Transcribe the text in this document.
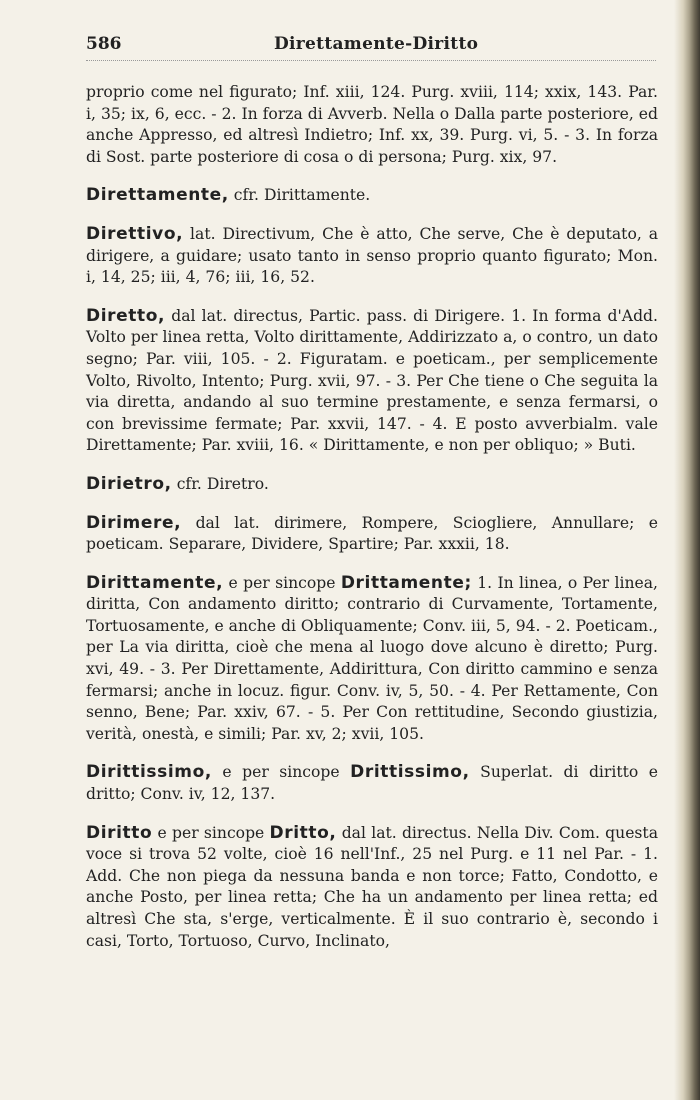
586	Direttamente-Diritto

proprio come nel figurato; Inf. xiii, 124. Purg. xviii, 114; xxix, 143. Par. i, 35; ix, 6, ecc. - 2. In forza di Avverb. Nella o Dalla parte posteriore, ed anche Appresso, ed altresì Indietro; Inf. xx, 39. Purg. vi, 5. - 3. In forza di Sost. parte posteriore di cosa o di persona; Purg. xix, 97.

Direttamente, cfr. Dirittamente.

Direttivo, lat. Directivum, Che è atto, Che serve, Che è deputato, a dirigere, a guidare; usato tanto in senso proprio quanto figurato; Mon. i, 14, 25; iii, 4, 76; iii, 16, 52.

Diretto, dal lat. directus, Partic. pass. di Dirigere. 1. In forma d'Add. Volto per linea retta, Volto dirittamente, Addirizzato a, o contro, un dato segno; Par. viii, 105. - 2. Figuratam. e poeticam., per semplicemente Volto, Rivolto, Intento; Purg. xvii, 97. - 3. Per Che tiene o Che seguita la via diretta, andando al suo termine prestamente, e senza fermarsi, o con brevissime fermate; Par. xxvii, 147. - 4. E posto avverbialm. vale Direttamente; Par. xviii, 16. « Dirittamente, e non per obliquo; » Buti.

Dirietro, cfr. Diretro.

Dirimere, dal lat. dirimere, Rompere, Sciogliere, Annullare; e poeticam. Separare, Dividere, Spartire; Par. xxxii, 18.

Dirittamente, e per sincope Drittamente; 1. In linea, o Per linea, diritta, Con andamento diritto; contrario di Curvamente, Tortamente, Tortuosamente, e anche di Obliquamente; Conv. iii, 5, 94. - 2. Poeticam., per La via diritta, cioè che mena al luogo dove alcuno è diretto; Purg. xvi, 49. - 3. Per Direttamente, Addirittura, Con diritto cammino e senza fermarsi; anche in locuz. figur. Conv. iv, 5, 50. - 4. Per Rettamente, Con senno, Bene; Par. xxiv, 67. - 5. Per Con rettitudine, Secondo giustizia, verità, onestà, e simili; Par. xv, 2; xvii, 105.

Dirittissimo, e per sincope Drittissimo, Superlat. di diritto e dritto; Conv. iv, 12, 137.

Diritto e per sincope Dritto, dal lat. directus. Nella Div. Com. questa voce si trova 52 volte, cioè 16 nell'Inf., 25 nel Purg. e 11 nel Par. - 1. Add. Che non piega da nessuna banda e non torce; Fatto, Condotto, e anche Posto, per linea retta; Che ha un andamento per linea retta; ed altresì Che sta, s'erge, verticalmente. È il suo contrario è, secondo i casi, Torto, Tortuoso, Curvo, Inclinato,
